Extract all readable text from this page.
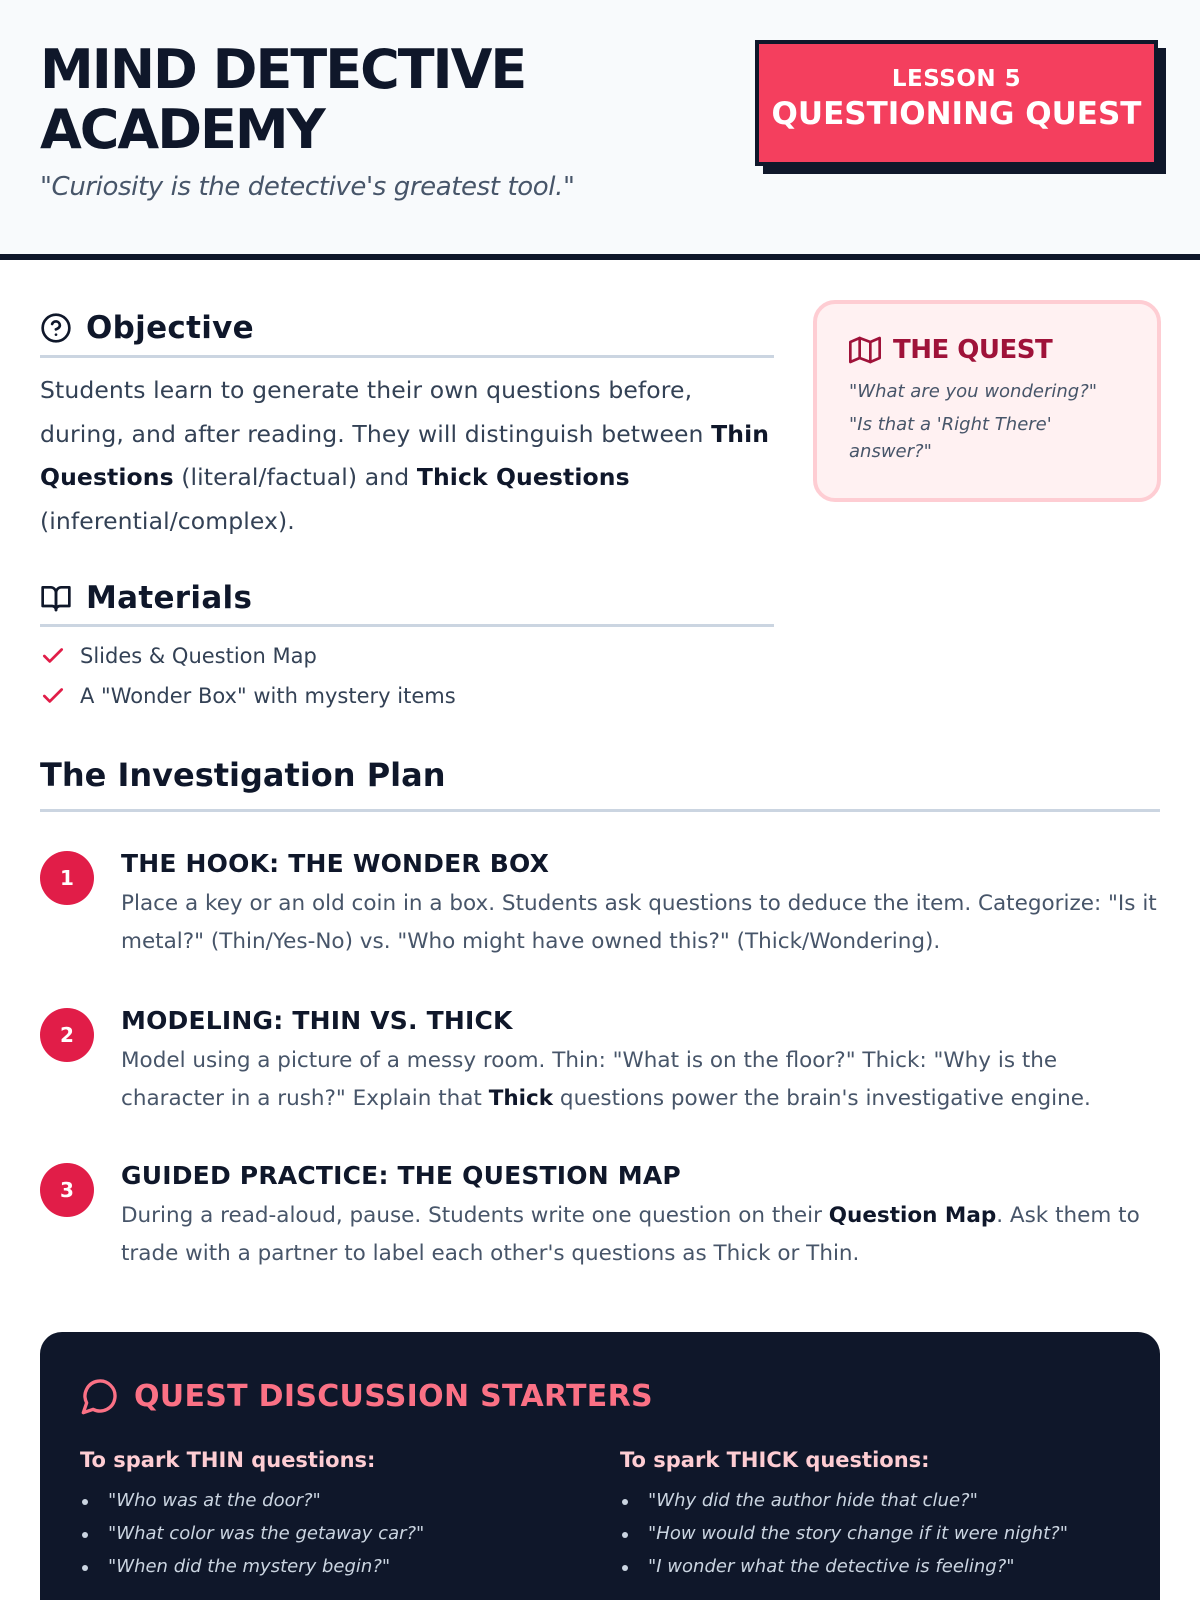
MIND DETECTIVE
ACADEMY
"Curiosity is the detective's greatest tool."
LESSON 5
QUESTIONING QUEST
Objective

Students learn to generate their own questions before, during, and after reading. They will distinguish between Thin Questions (literal/factual) and Thick Questions (inferential/complex).

Materials
Slides & Question Map
A "Wonder Box" with mystery items
THE QUEST

"What are you wondering?"

"Is that a 'Right There' answer?"

The Investigation Plan
1	THE HOOK: THE WONDER BOX

Place a key or an old coin in a box. Students ask questions to deduce the item. Categorize: "Is it metal?" (Thin/Yes-No) vs. "Who might have owned this?" (Thick/Wondering).

2	MODELING: THIN VS. THICK

Model using a picture of a messy room. Thin: "What is on the floor?" Thick: "Why is the character in a rush?" Explain that Thick questions power the brain's investigative engine.

3	GUIDED PRACTICE: THE QUESTION MAP

During a read-aloud, pause. Students write one question on their Question Map. Ask them to trade with a partner to label each other's questions as Thick or Thin.

QUEST DISCUSSION STARTERS
To spark THIN questions:
"Who was at the door?"
"What color was the getaway car?"
"When did the mystery begin?"
To spark THICK questions:
"Why did the author hide that clue?"
"How would the story change if it were night?"
"I wonder what the detective is feeling?"
